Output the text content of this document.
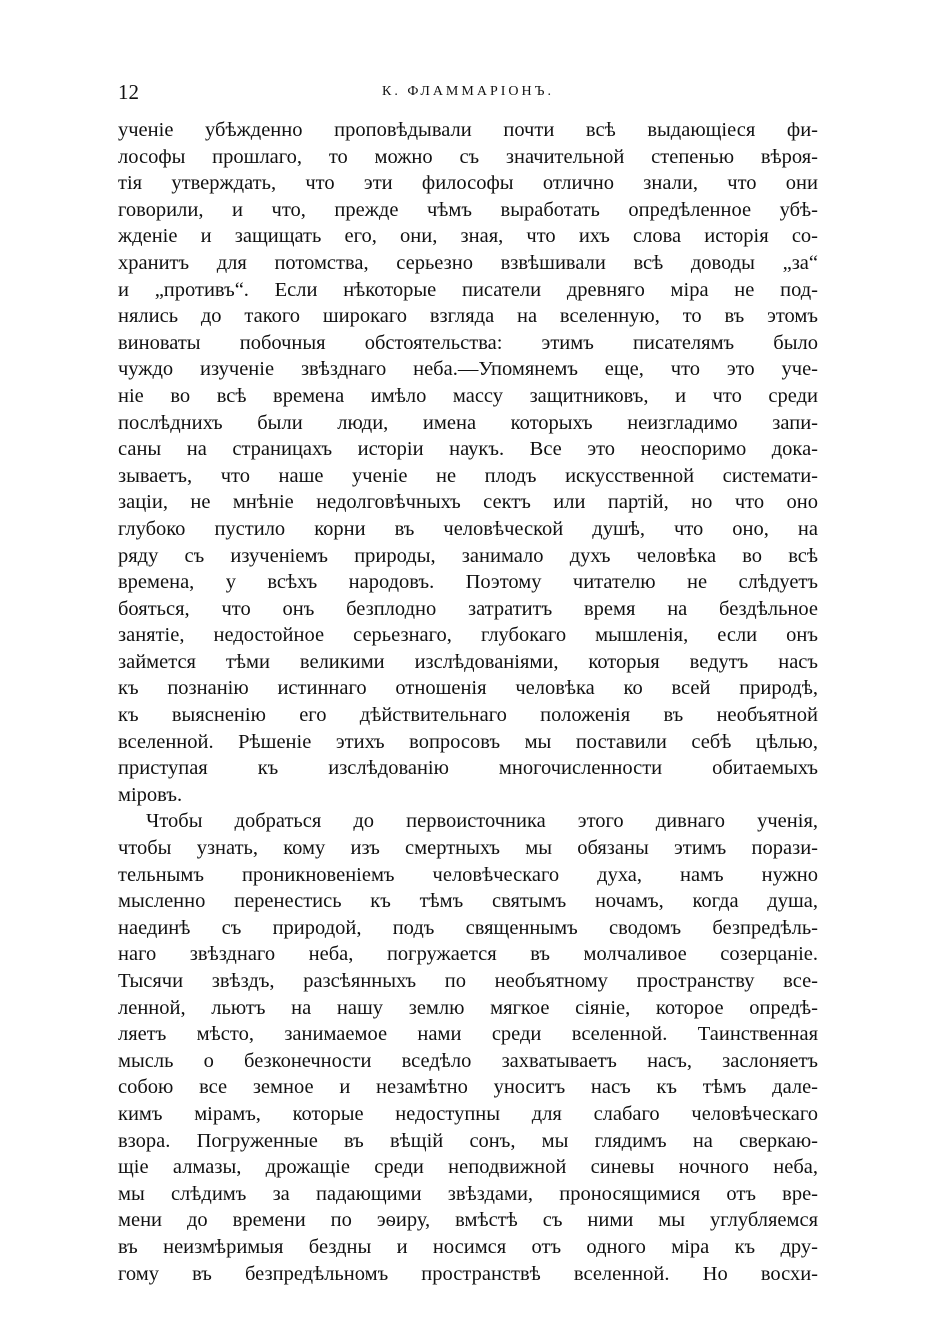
12	К. ФЛАММАРІОНЪ.
ученіе убѣжденно проповѣдывали почти всѣ выдающіеся фи-
лософы прошлаго, то можно съ значительной степенью вѣроя-
тія утверждать, что эти философы отлично знали, что они
говорили, и что, прежде чѣмъ выработать опредѣленное убѣ-
жденіе и защищать его, они, зная, что ихъ слова исторія со-
хранитъ для потомства, серьезно взвѣшивали всѣ доводы „за“
и „противъ“. Если нѣкоторые писатели древняго міра не под-
нялись до такого широкаго взгляда на вселенную, то въ этомъ
виноваты побочныя обстоятельства: этимъ писателямъ было
чуждо изученіе звѣзднаго неба.—Упомянемъ еще, что это уче-
ніе во всѣ времена имѣло массу защитниковъ, и что среди
послѣднихъ были люди, имена которыхъ неизгладимо запи-
саны на страницахъ исторіи наукъ. Все это неоспоримо дока-
зываетъ, что наше ученіе не плодъ искусственной системати-
заціи, не мнѣніе недолговѣчныхъ сектъ или партій, но что оно
глубоко пустило корни въ человѣческой душѣ, что оно, на
ряду съ изученіемъ природы, занимало духъ человѣка во всѣ
времена, у всѣхъ народовъ. Поэтому читателю не слѣдуетъ
бояться, что онъ безплодно затратитъ время на бездѣльное
занятіе, недостойное серьезнаго, глубокаго мышленія, если онъ
займется тѣми великими изслѣдованіями, которыя ведутъ насъ
къ познанію истиннаго отношенія человѣка ко всей природѣ,
къ выясненію его дѣйствительнаго положенія въ необъятной
вселенной. Рѣшеніе этихъ вопросовъ мы поставили себѣ цѣлью,
приступая къ изслѣдованію многочисленности обитаемыхъ
міровъ.
Чтобы добраться до первоисточника этого дивнаго ученія,
чтобы узнать, кому изъ смертныхъ мы обязаны этимъ порази-
тельнымъ проникновеніемъ человѣческаго духа, намъ нужно
мысленно перенестись къ тѣмъ святымъ ночамъ, когда душа,
наединѣ съ природой, подъ священнымъ сводомъ безпредѣль-
наго звѣзднаго неба, погружается въ молчаливое созерцаніе.
Тысячи звѣздъ, разсѣянныхъ по необъятному пространству все-
ленной, льютъ на нашу землю мягкое сіяніе, которое опредѣ-
ляетъ мѣсто, занимаемое нами среди вселенной. Таинственная
мысль о безконечности вседѣло захватываетъ насъ, заслоняетъ
собою все земное и незамѣтно уноситъ насъ къ тѣмъ дале-
кимъ мірамъ, которые недоступны для слабаго человѣческаго
взора. Погруженные въ вѣщій сонъ, мы глядимъ на сверкаю-
щіе алмазы, дрожащіе среди неподвижной синевы ночного неба,
мы слѣдимъ за падающими звѣздами, проносящимися отъ вре-
мени до времени по эѳиру, вмѣстѣ съ ними мы углубляемся
въ неизмѣримыя бездны и носимся отъ одного міра къ дру-
гому въ безпредѣльномъ пространствѣ вселенной. Но восхи-
